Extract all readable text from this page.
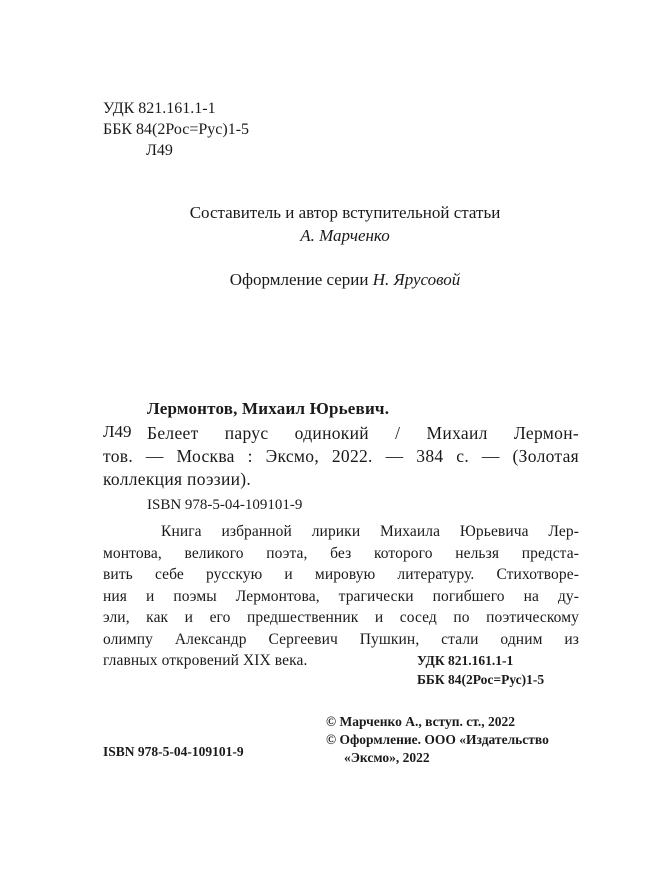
УДК 821.161.1-1
ББК 84(2Рос=Рус)1-5
Л49
Составитель и автор вступительной статьи
А. Марченко
Оформление серии Н. Ярусовой
Лермонтов, Михаил Юрьевич.
Л49 Белеет парус одинокий / Михаил Лермон-
тов. — Москва : Эксмо, 2022. — 384 с. — (Золотая
коллекция поэзии).
ISBN 978-5-04-109101-9
Книга избранной лирики Михаила Юрьевича Лер-
монтова, великого поэта, без которого нельзя предста-
вить себе русскую и мировую литературу. Стихотворе-
ния и поэмы Лермонтова, трагически погибшего на ду-
эли, как и его предшественник и сосед по поэтическому
олимпу Александр Сергеевич Пушкин, стали одним из
главных откровений XIX века.	УДК 821.161.1-1
ББК 84(2Рос=Рус)1-5
© Марченко А., вступ. ст., 2022
© Оформление. ООО «Издательство
«Эксмо», 2022
ISBN 978-5-04-109101-9
